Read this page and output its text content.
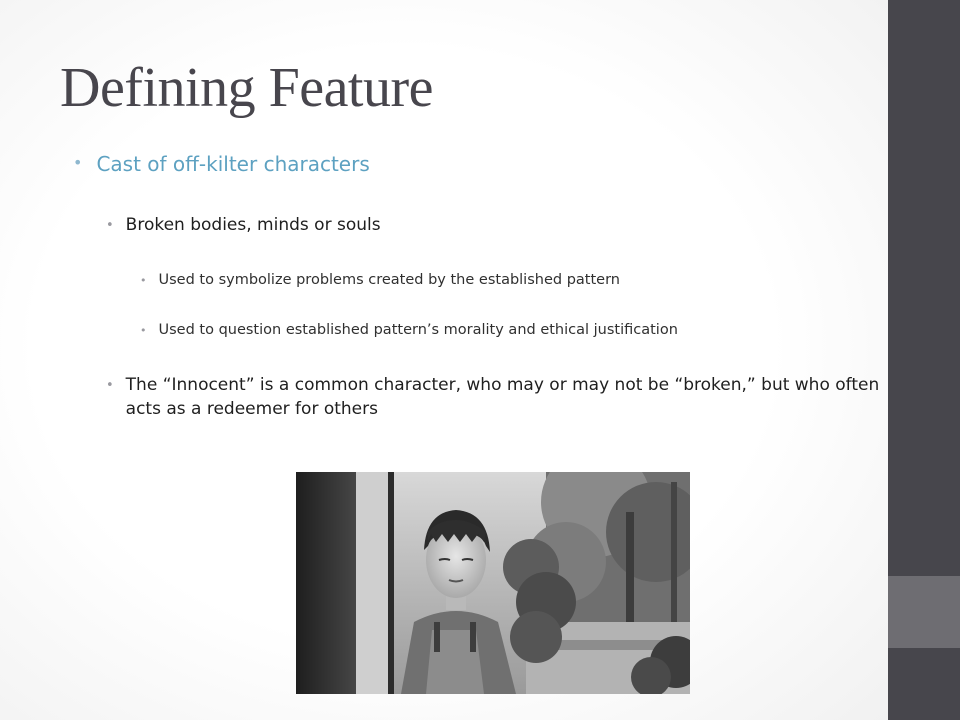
Defining Feature
• Cast of off-kilter characters
• Broken bodies, minds or souls
• Used to symbolize problems created by the established pattern
• Used to question established pattern’s morality and ethical justification
• The “Innocent” is a common character, who may or may not be “broken,” but who often acts as a redeemer for others
